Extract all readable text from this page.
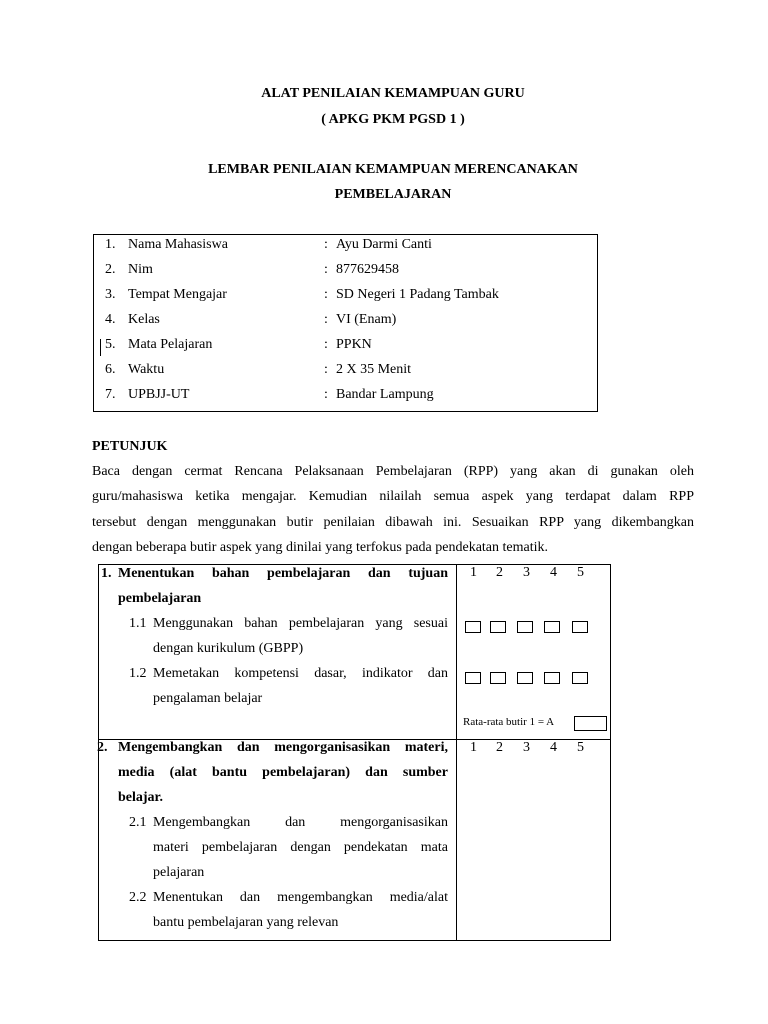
ALAT PENILAIAN KEMAMPUAN GURU
( APKG PKM PGSD 1 )
LEMBAR PENILAIAN KEMAMPUAN MERENCANAKAN
PEMBELAJARAN
1. Nama Mahasiswa	: Ayu Darmi Canti
2. Nim	: 877629458
3. Tempat Mengajar	: SD Negeri 1 Padang Tambak
4. Kelas	: VI (Enam)
5. Mata Pelajaran	: PPKN
6. Waktu	: 2 X 35 Menit
7. UPBJJ-UT	: Bandar Lampung
PETUNJUK
Baca dengan cermat Rencana Pelaksanaan Pembelajaran (RPP) yang akan di gunakan oleh
guru/mahasiswa ketika mengajar. Kemudian nilailah semua aspek yang terdapat dalam RPP
tersebut dengan menggunakan butir penilaian dibawah ini. Sesuaikan RPP yang dikembangkan
dengan beberapa butir aspek yang dinilai yang terfokus pada pendekatan tematik.
1. Menentukan bahan pembelajaran dan tujuan
pembelajaran
1.1 Menggunakan bahan pembelajaran yang sesuai
dengan kurikulum (GBPP)
1.2 Memetakan kompetensi dasar, indikator dan
pengalaman belajar
1 2 3 4 5
Rata-rata butir 1 = A
2. Mengembangkan dan mengorganisasikan materi,
media (alat bantu pembelajaran) dan sumber
belajar.
2.1 Mengembangkan dan mengorganisasikan
materi pembelajaran dengan pendekatan mata
pelajaran
2.2 Menentukan dan mengembangkan media/alat
bantu pembelajaran yang relevan
1 2 3 4 5
